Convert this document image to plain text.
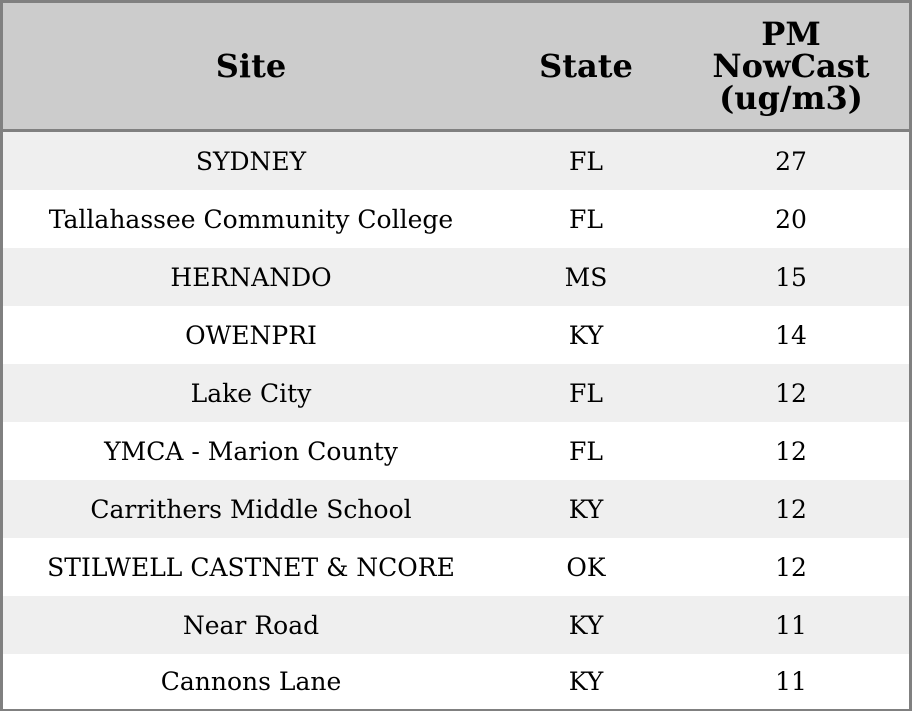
Site	State	PM
NowCast
(ug/m3)

SYDNEY	FL	27
Tallahassee Community College	FL	20
HERNANDO	MS	15
OWENPRI	KY	14
Lake City	FL	12
YMCA - Marion County	FL	12
Carrithers Middle School	KY	12
STILWELL CASTNET & NCORE	OK	12
Near Road	KY	11
Cannons Lane	KY	11
